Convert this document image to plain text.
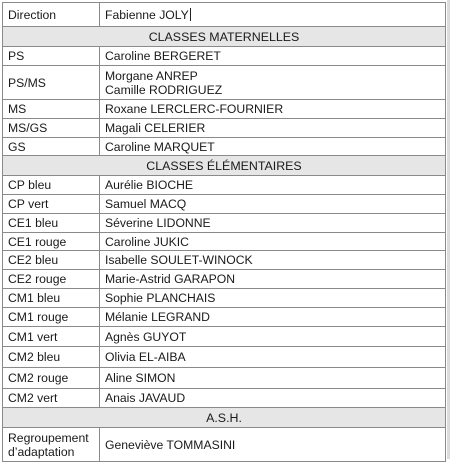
Direction	Fabienne JOLY
CLASSES MATERNELLES	
PS	Caroline BERGERET

PS/MS	Morgane ANREP
Camille RODRIGUEZ

MS	Roxane LERCLERC-FOURNIER

MS/GS	Magali CELERIER

GS	Caroline MARQUET

CLASSES ÉLÉMENTAIRES	
CP bleu	Aurélie BIOCHE

CP vert	Samuel MACQ

CE1 bleu	Séverine LIDONNE

CE1 rouge	Caroline JUKIC

CE2 bleu	Isabelle SOULET-WINOCK

CE2 rouge	Marie-Astrid GARAPON

CM1 bleu	Sophie PLANCHAIS

CM1 rouge	Mélanie LEGRAND

CM1 vert	Agnès GUYOT

CM2 bleu	Olivia EL-AIBA

CM2 rouge	Aline SIMON

CM2 vert	Anais JAVAUD

A.S.H.	

Regroupement
d’adaptation	Geneviève TOMMASINI
